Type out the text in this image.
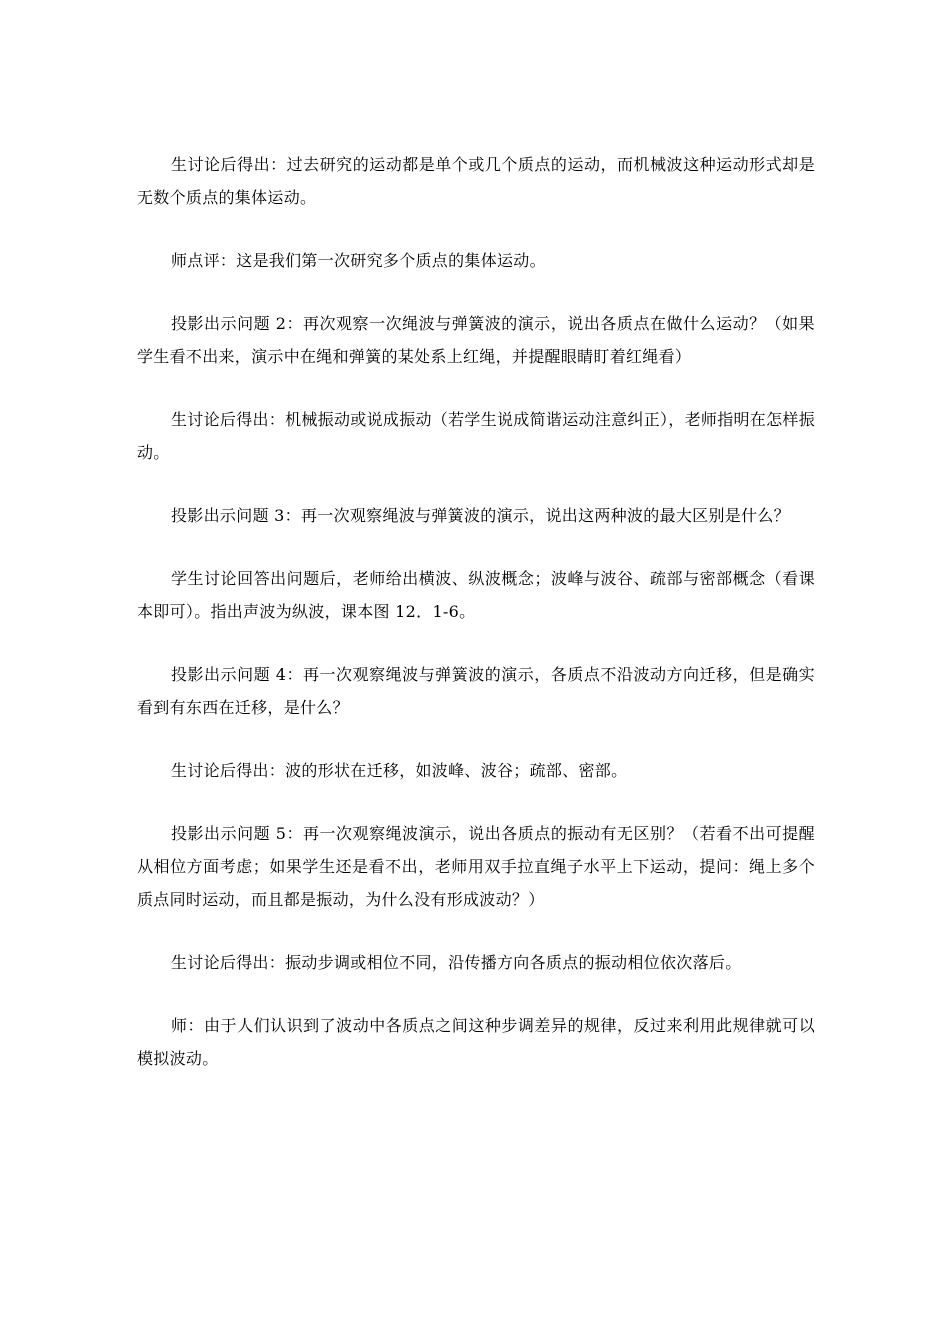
生讨论后得出：过去研究的运动都是单个或几个质点的运动，而机械波这种运动形式却是无数个质点的集体运动。

师点评：这是我们第一次研究多个质点的集体运动。

投影出示问题 2：再次观察一次绳波与弹簧波的演示，说出各质点在做什么运动？（如果学生看不出来，演示中在绳和弹簧的某处系上红绳，并提醒眼睛盯着红绳看）

生讨论后得出：机械振动或说成振动（若学生说成简谐运动注意纠正），老师指明在怎样振动。

投影出示问题 3：再一次观察绳波与弹簧波的演示，说出这两种波的最大区别是什么？

学生讨论回答出问题后，老师给出横波、纵波概念；波峰与波谷、疏部与密部概念（看课本即可）。指出声波为纵波，课本图 12．1-6。

投影出示问题 4：再一次观察绳波与弹簧波的演示，各质点不沿波动方向迁移，但是确实看到有东西在迁移，是什么？

生讨论后得出：波的形状在迁移，如波峰、波谷；疏部、密部。

投影出示问题 5：再一次观察绳波演示，说出各质点的振动有无区别？（若看不出可提醒从相位方面考虑；如果学生还是看不出，老师用双手拉直绳子水平上下运动，提问：绳上多个质点同时运动，而且都是振动，为什么没有形成波动？）

生讨论后得出：振动步调或相位不同，沿传播方向各质点的振动相位依次落后。

师：由于人们认识到了波动中各质点之间这种步调差异的规律，反过来利用此规律就可以模拟波动。
